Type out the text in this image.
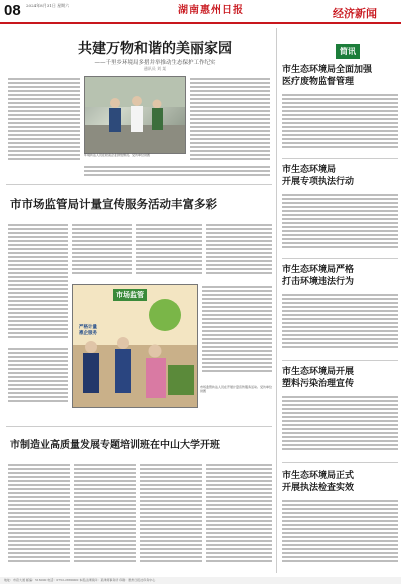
08 2024年8月31日 星期六	湖南惠州日报	经济新闻
共建万物和谐的美丽家园
——千里乡环境局多措并举推动生态保护工作纪实
通讯员 刘 某
环境执法人员在检查企业排放情况。受访单位供图
简讯
市生态环境局全面加强
医疗废物监督管理
市生态环境局
开展专项执法行动
市生态环境局严格
打击环境违法行为
市生态环境局开展
塑料污染治理宣传
市生态环境局正式
开展执法检查实效
市市场监管局计量宣传服务活动丰富多彩
市场监管
严格计量 惠企服务
市场监管执法人员在开展计量宣传服务活动。受访单位供图
市制造业高质量发展专题培训班在中山大学开班
地址：市府大道 邮编：516000 电话：0752-2880000 本报法律顾问：某律师事务所 印刷：惠州日报社印务中心
